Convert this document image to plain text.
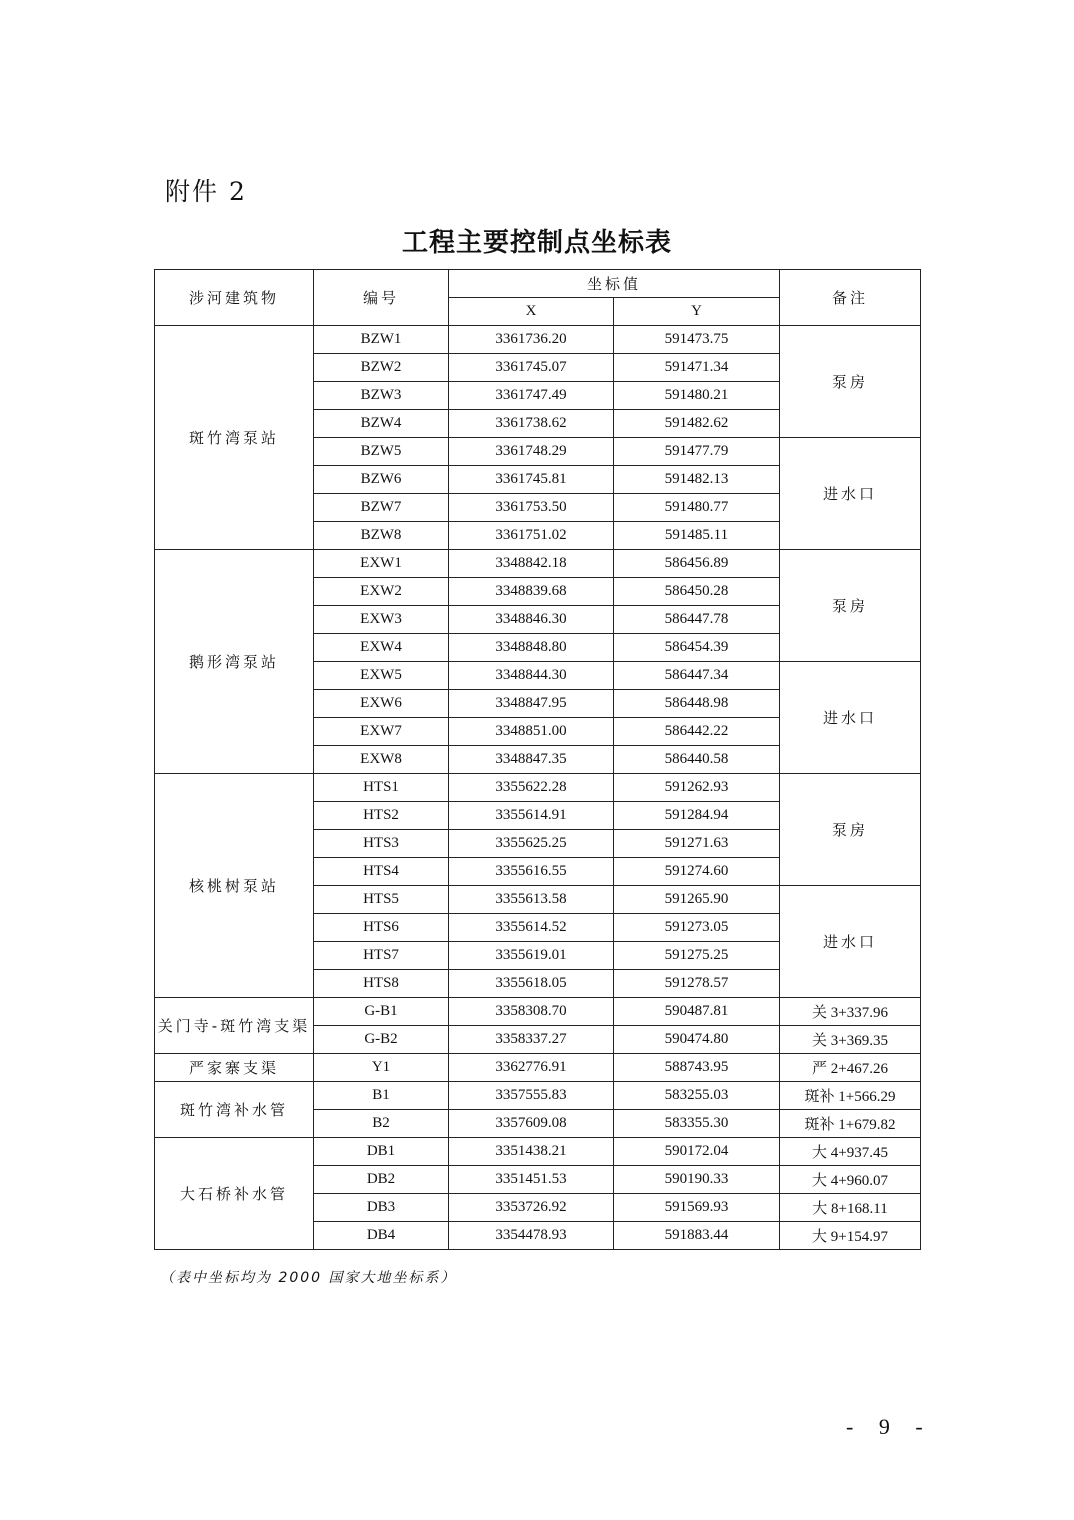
附件 2
工程主要控制点坐标表
涉河建筑物	编号	坐标值		备注
		X	Y	
斑竹湾泵站	BZW1	3361736.20	591473.75	泵房
	BZW2	3361745.07	591471.34	
	BZW3	3361747.49	591480.21	
	BZW4	3361738.62	591482.62	
	BZW5	3361748.29	591477.79	进水口
	BZW6	3361745.81	591482.13	
	BZW7	3361753.50	591480.77	
	BZW8	3361751.02	591485.11	
鹅形湾泵站	EXW1	3348842.18	586456.89	泵房
	EXW2	3348839.68	586450.28	
	EXW3	3348846.30	586447.78	
	EXW4	3348848.80	586454.39	
	EXW5	3348844.30	586447.34	进水口
	EXW6	3348847.95	586448.98	
	EXW7	3348851.00	586442.22	
	EXW8	3348847.35	586440.58	
核桃树泵站	HTS1	3355622.28	591262.93	泵房
	HTS2	3355614.91	591284.94	
	HTS3	3355625.25	591271.63	
	HTS4	3355616.55	591274.60	
	HTS5	3355613.58	591265.90	进水口
	HTS6	3355614.52	591273.05	
	HTS7	3355619.01	591275.25	
	HTS8	3355618.05	591278.57	
关门寺-斑竹湾支渠	G-B1	3358308.70	590487.81	关 3+337.96
	G-B2	3358337.27	590474.80	关 3+369.35
严家寨支渠	Y1	3362776.91	588743.95	严 2+467.26
斑竹湾补水管	B1	3357555.83	583255.03	斑补 1+566.29
	B2	3357609.08	583355.30	斑补 1+679.82
大石桥补水管	DB1	3351438.21	590172.04	大 4+937.45
	DB2	3351451.53	590190.33	大 4+960.07
	DB3	3353726.92	591569.93	大 8+168.11
	DB4	3354478.93	591883.44	大 9+154.97
（表中坐标均为 2000 国家大地坐标系）
- 9 -
